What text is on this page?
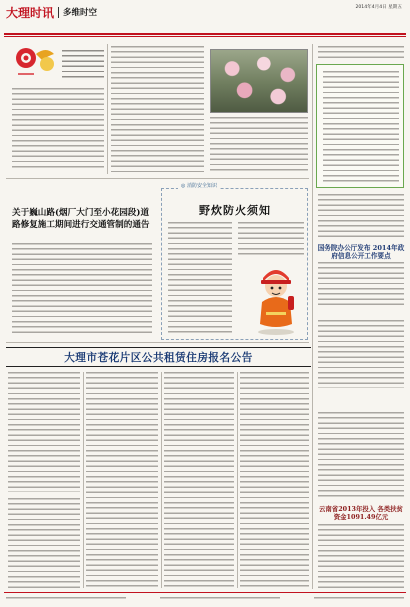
大理时讯 多维时空
2014年4月4日 星期五
关于巍山路(烟厂大门至小花园段)道路修复施工期间进行交通管制的通告
◎ 消防安全知识
野炊防火须知
大理市苍花片区公共租赁住房报名公告
国务院办公厅发布 2014年政府信息公开工作要点
云南省2013年投入 各类扶贫资金1091.49亿元
